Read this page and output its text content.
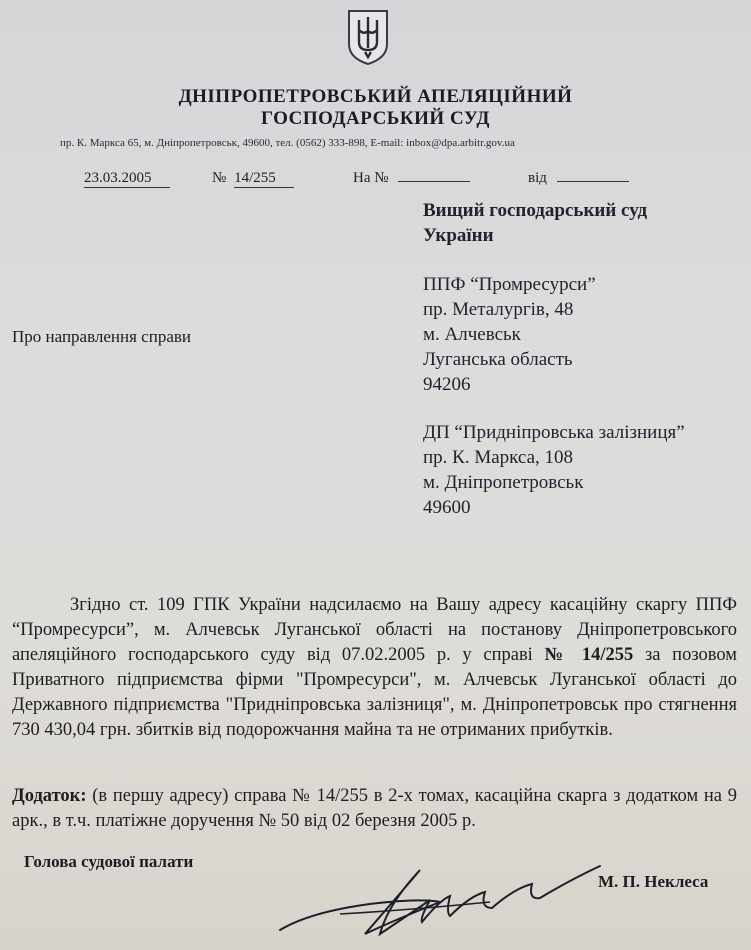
ДНІПРОПЕТРОВСЬКИЙ АПЕЛЯЦІЙНИЙ
ГОСПОДАРСЬКИЙ СУД
пр. К. Маркса 65, м. Дніпропетровськ, 49600, тел. (0562) 333-898, E-mail: inbox@dpa.arbitr.gov.ua
23.03.2005	№ 14/255	На №	від
Вищий господарський суд
України
ППФ “Промресурси”
пр. Металургів, 48
м. Алчевськ
Луганська область
94206
ДП “Придніпровська залізниця”
пр. К. Маркса, 108
м. Дніпропетровськ
49600
Про направлення справи

Згідно ст. 109 ГПК України надсилаємо на Вашу адресу касаційну скаргу ППФ “Промресурси”, м. Алчевськ Луганської області на постанову Дніпропетровського апеляційного господарського суду від 07.02.2005 р. у справі № 14/255 за позовом Приватного підприємства фірми "Промресурси", м. Алчевськ Луганської області до Державного підприємства "Придніпровська залізниця", м. Дніпропетровськ про стягнення 730 430,04 грн. збитків від подорожчання майна та не отриманих прибутків.

Додаток: (в першу адресу) справа № 14/255 в 2-х томах, касаційна скарга з додатком на 9 арк., в т.ч. платіжне доручення № 50 від 02 березня 2005 р.

Голова судової палати
М. П. Неклеса
